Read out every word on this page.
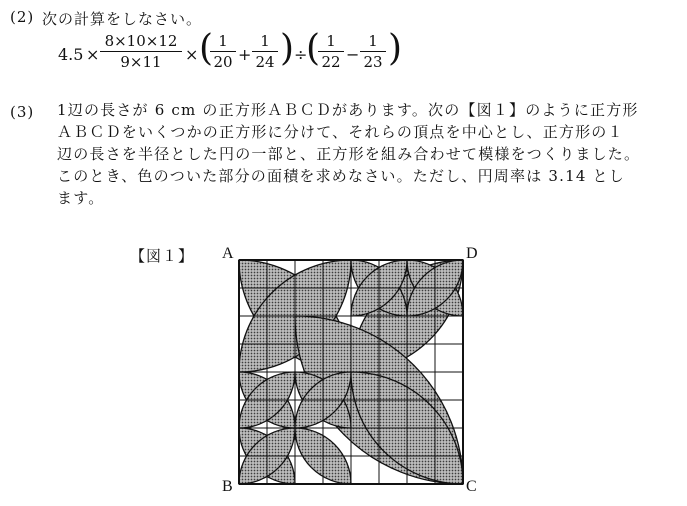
(2) 次の計算をしなさい。
4.5 ×
8×10×12
9×11	× ( 1
20 +
1
24 ) ÷
( 1
22 −
1
23 )
(3) 1辺の長さが 6 cm の正方形ＡＢＣＤがあります。次の【図１】のように正方形
ＡＢＣＤをいくつかの正方形に分けて、それらの頂点を中心とし、正方形の１
辺の長さを半径とした円の一部と、正方形を組み合わせて模様をつくりました。
このとき、色のついた部分の面積を求めなさい。ただし、円周率は 3.14 とし
ます。
【図１】 A	D
B	C
